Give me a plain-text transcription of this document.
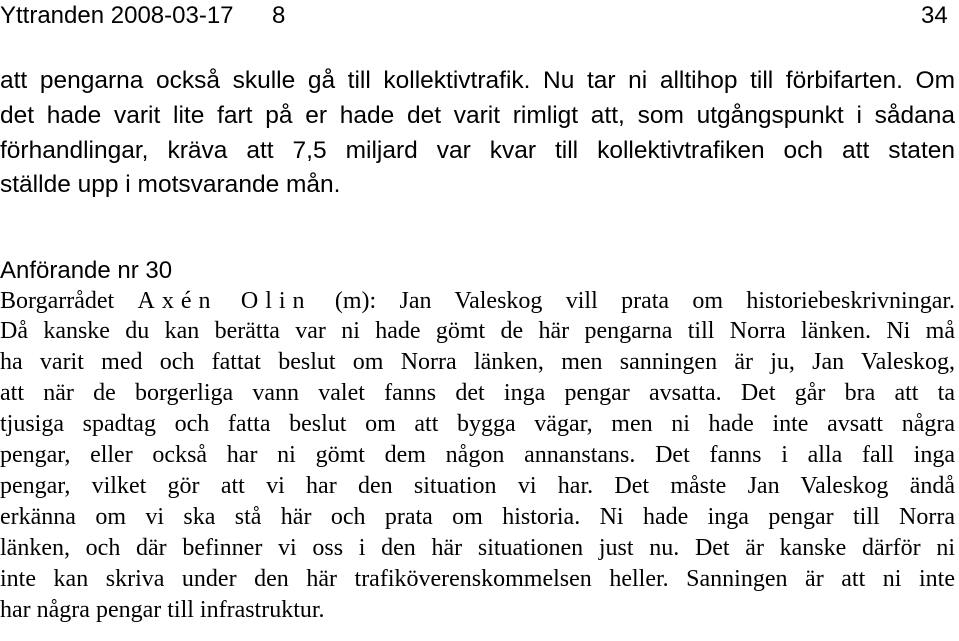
Yttranden 2008-03-17 8	34

att pengarna också skulle gå till kollektivtrafik. Nu tar ni alltihop till förbifarten. Om

det hade varit lite fart på er hade det varit rimligt att, som utgångspunkt i sådana

förhandlingar, kräva att 7,5 miljard var kvar till kollektivtrafiken och att staten

ställde upp i motsvarande mån.

Anförande nr 30

Borgarrådet Axén Olin (m): Jan Valeskog vill prata om historiebeskrivningar.

Då kanske du kan berätta var ni hade gömt de här pengarna till Norra länken. Ni må

ha varit med och fattat beslut om Norra länken, men sanningen är ju, Jan Valeskog,

att när de borgerliga vann valet fanns det inga pengar avsatta. Det går bra att ta

tjusiga spadtag och fatta beslut om att bygga vägar, men ni hade inte avsatt några

pengar, eller också har ni gömt dem någon annanstans. Det fanns i alla fall inga

pengar, vilket gör att vi har den situation vi har. Det måste Jan Valeskog ändå

erkänna om vi ska stå här och prata om historia. Ni hade inga pengar till Norra

länken, och där befinner vi oss i den här situationen just nu. Det är kanske därför ni

inte kan skriva under den här trafiköverenskommelsen heller. Sanningen är att ni inte

har några pengar till infrastruktur.
